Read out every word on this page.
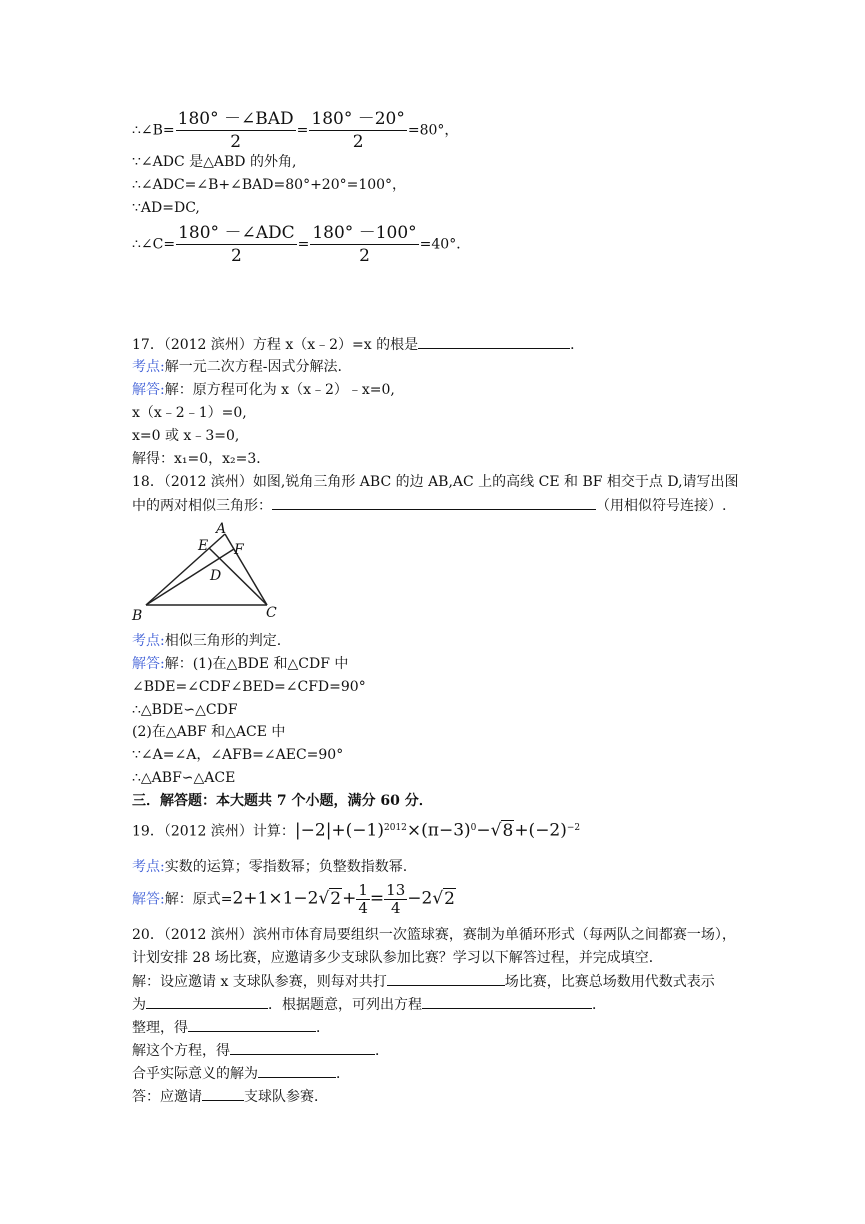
∴∠B= $\frac{\text{180° －∠BAD}}{2} = \frac{180^\circ -20^\circ}{2} =80^\circ$，
∵∠ADC 是△ABD 的外角,
∴∠ADC=∠B+∠BAD=80°+20°=100°，
∵AD=DC,
∴∠C= $\frac{\text{180° －∠ADC}}{2} = \frac{180^\circ -100^\circ}{2} =40^\circ$．
17．（2012 滨州）方程 x（x﹣2）=x 的根是	．
考点:解一元二次方程-因式分解法.
解答:解：原方程可化为 x（x﹣2）﹣x=0,
x（x﹣2﹣1）=0,
x=0 或 x﹣3=0,
解得：x₁=0，x₂=3．
18．（2012 滨州）如图,锐角三角形 ABC 的边 AB,AC 上的高线 CE 和 BF 相交于点 D,请写出图
中的两对相似三角形：	（用相似符号连接）.
A
E F
D
B	C
考点:相似三角形的判定.
解答:解：(1)在△BDE 和△CDF 中
∠BDE=∠CDF∠BED=∠CFD=90°
∴△BDE∽△CDF
(2)在△ABF 和△ACE 中
∵∠A=∠A，∠AFB=∠AEC=90°
∴△ABF∽△ACE
三．解答题：本大题共 7 个小题，满分 60 分．
19．（2012 滨州）计算：$|-2|+(-1)^{2012}\times(\pi-3)^0-√8+(-2)^{-2}$
考点:实数的运算；零指数幂；负整数指数幂.
解答:解：原式$=2+1\times 1-2√2+ \frac{1}{4} = \frac{13}{4} -2√2$
20．（2012 滨州）滨州市体育局要组织一次篮球赛，赛制为单循环形式（每两队之间都赛一场），
计划安排 28 场比赛，应邀请多少支球队参加比赛？学习以下解答过程，并完成填空．
解：设应邀请 x 支球队参赛，则每对共打	场比赛，比赛总场数用代数式表示
为	．根据题意，可列出方程	．
整理，得	．
解这个方程，得	．
合乎实际意义的解为	．
答：应邀请	支球队参赛．
